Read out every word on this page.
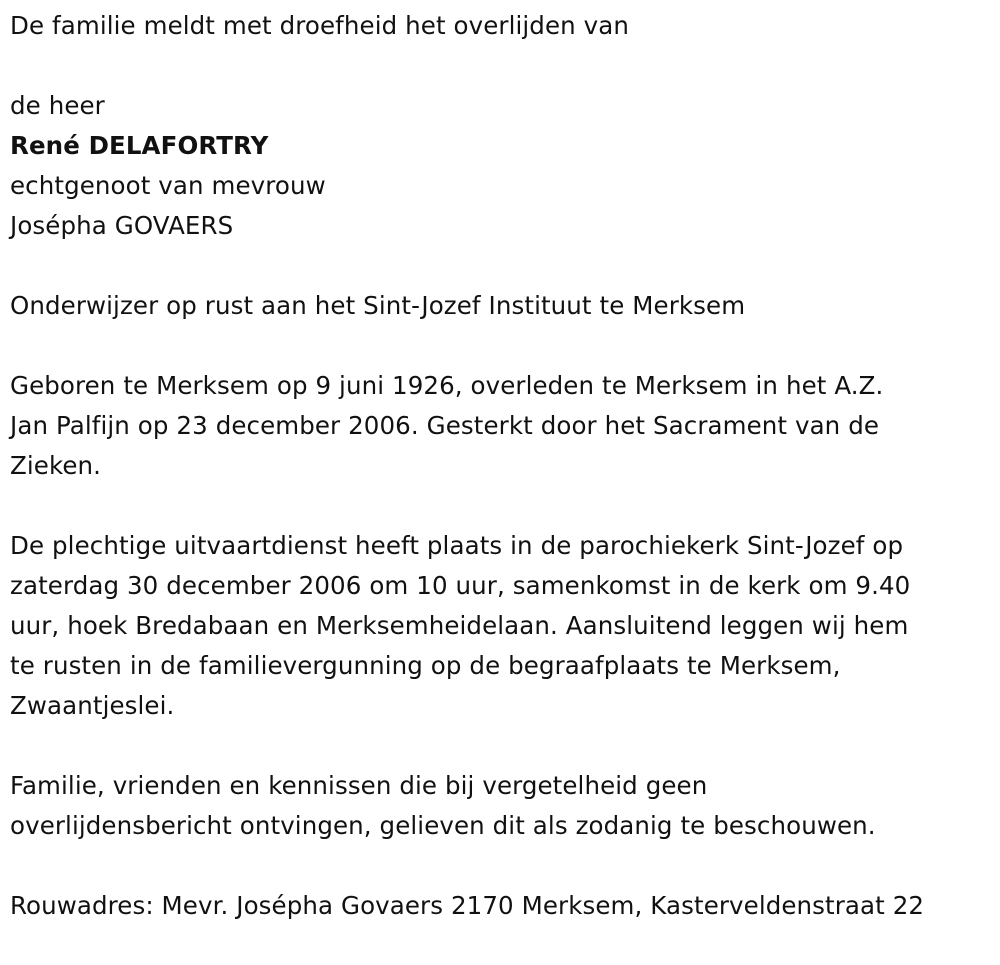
De familie meldt met droefheid het overlijden van
de heer
René DELAFORTRY
echtgenoot van mevrouw
Josépha GOVAERS
Onderwijzer op rust aan het Sint-Jozef Instituut te Merksem
Geboren te Merksem op 9 juni 1926, overleden te Merksem in het A.Z.
Jan Palfijn op 23 december 2006. Gesterkt door het Sacrament van de
Zieken.
De plechtige uitvaartdienst heeft plaats in de parochiekerk Sint-Jozef op
zaterdag 30 december 2006 om 10 uur, samenkomst in de kerk om 9.40
uur, hoek Bredabaan en Merksemheidelaan. Aansluitend leggen wij hem
te rusten in de familievergunning op de begraafplaats te Merksem,
Zwaantjeslei.
Familie, vrienden en kennissen die bij vergetelheid geen
overlijdensbericht ontvingen, gelieven dit als zodanig te beschouwen.
Rouwadres: Mevr. Josépha Govaers 2170 Merksem, Kasterveldenstraat 22
